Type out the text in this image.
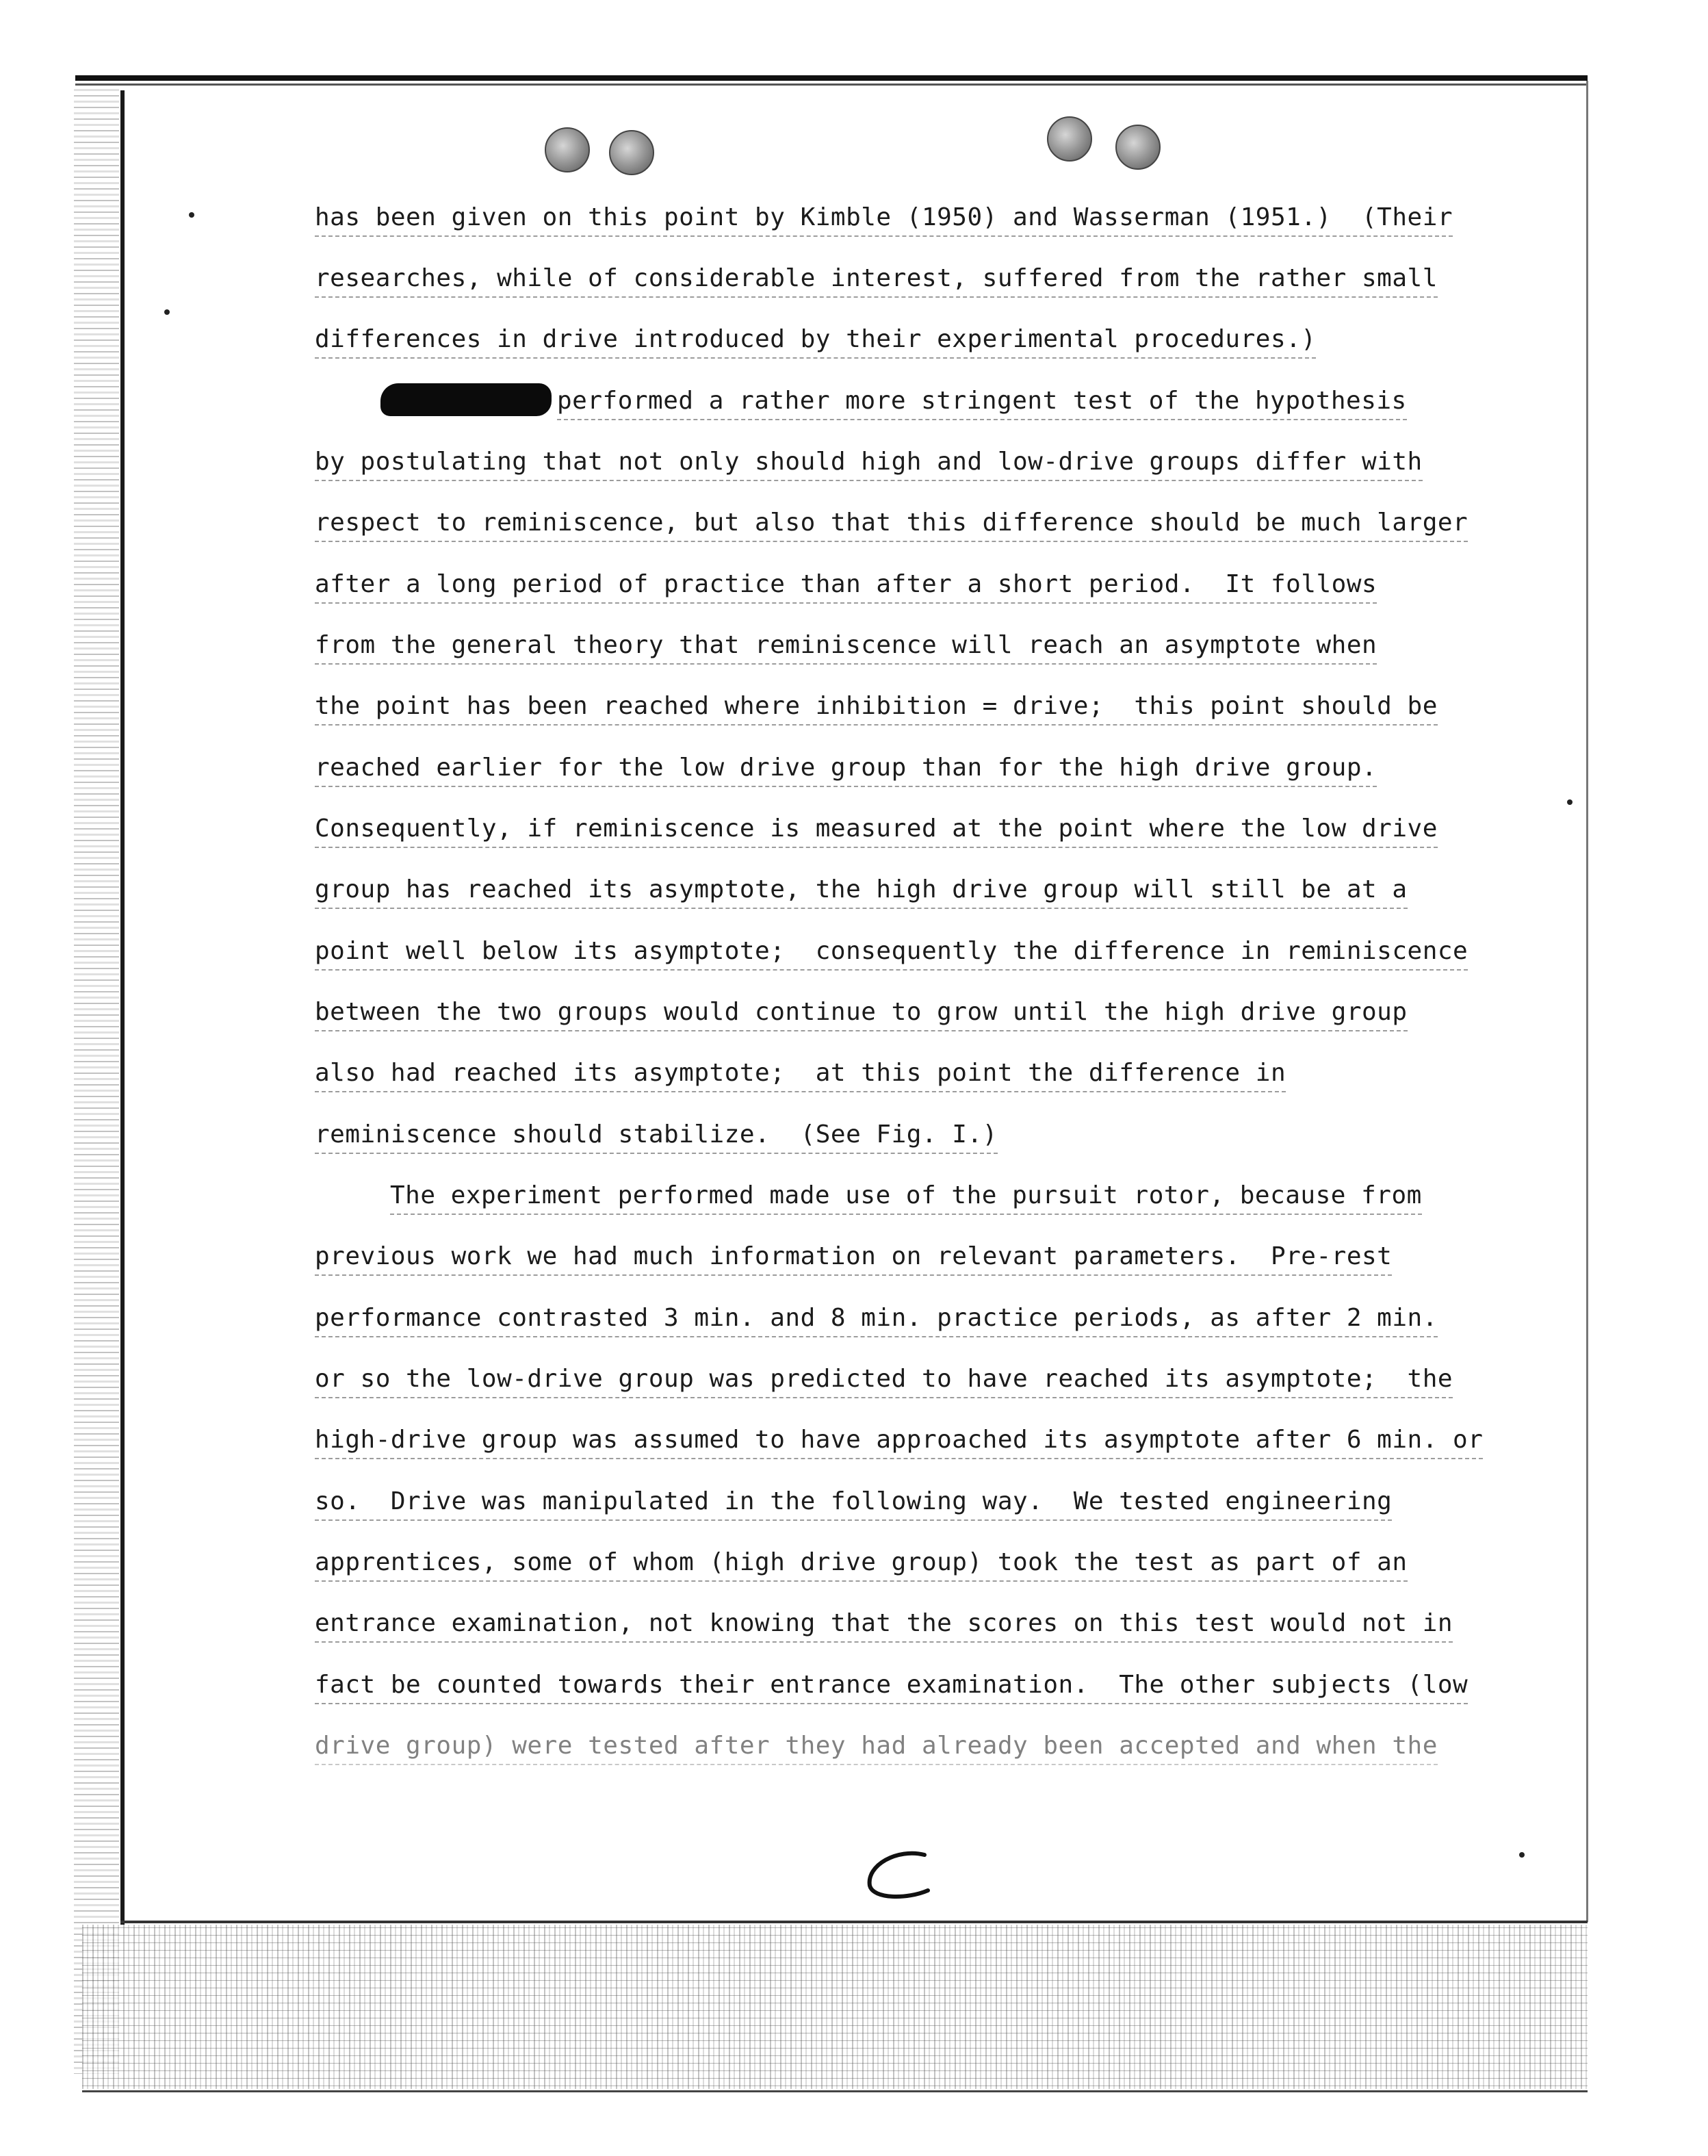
has been given on this point by Kimble (1950) and Wasserman (1951.)  (Their
researches, while of considerable interest, suffered from the rather small
differences in drive introduced by their experimental procedures.)
performed a rather more stringent test of the hypothesis
by postulating that not only should high and low-drive groups differ with
respect to reminiscence, but also that this difference should be much larger
after a long period of practice than after a short period.  It follows
from the general theory that reminiscence will reach an asymptote when
the point has been reached where inhibition = drive;  this point should be
reached earlier for the low drive group than for the high drive group.
Consequently, if reminiscence is measured at the point where the low drive
group has reached its asymptote, the high drive group will still be at a
point well below its asymptote;  consequently the difference in reminiscence
between the two groups would continue to grow until the high drive group
also had reached its asymptote;  at this point the difference in
reminiscence should stabilize.  (See Fig. I.)
The experiment performed made use of the pursuit rotor, because from
previous work we had much information on relevant parameters.  Pre-rest
performance contrasted 3 min. and 8 min. practice periods, as after 2 min.
or so the low-drive group was predicted to have reached its asymptote;  the
high-drive group was assumed to have approached its asymptote after 6 min. or
so.  Drive was manipulated in the following way.  We tested engineering
apprentices, some of whom (high drive group) took the test as part of an
entrance examination, not knowing that the scores on this test would not in
fact be counted towards their entrance examination.  The other subjects (low
drive group) were tested after they had already been accepted and when the
